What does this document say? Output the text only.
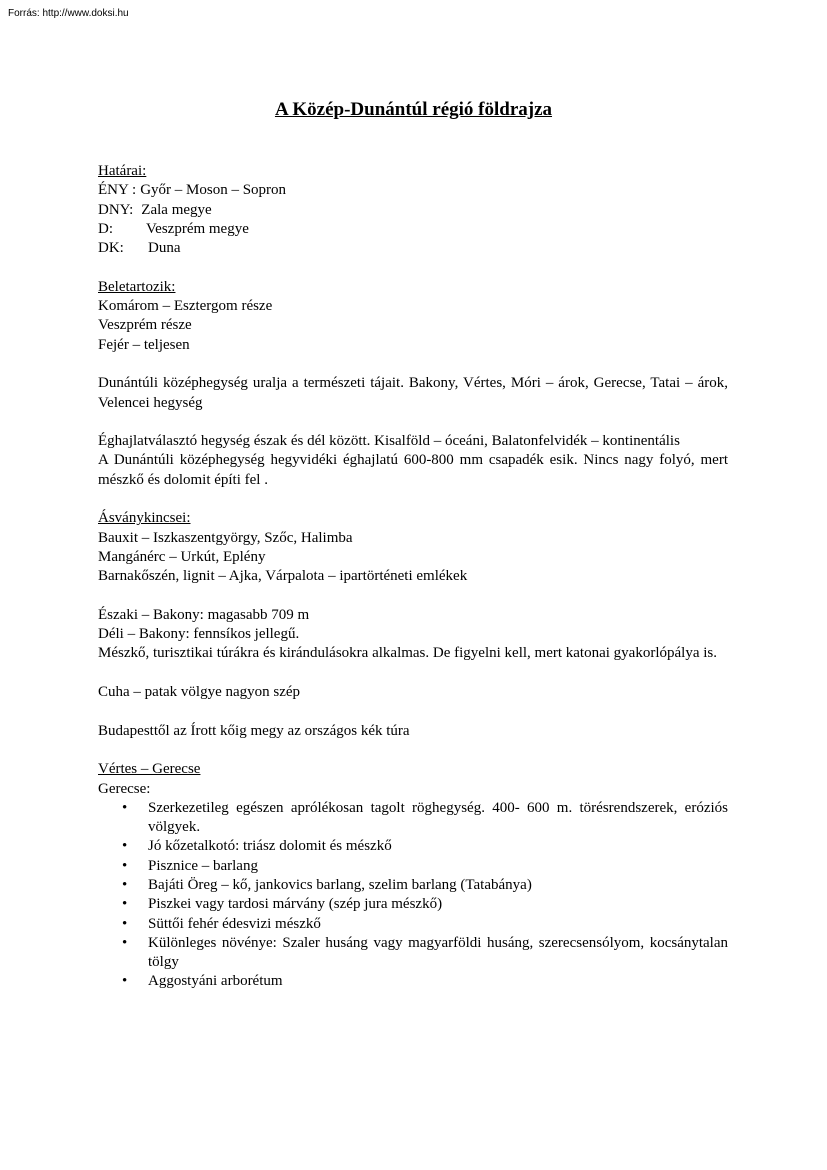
Forrás: http://www.doksi.hu
A Közép-Dunántúl régió földrajza
Határai:
ÉNY : Győr – Moson – Sopron
DNY: Zala megye
D:	Veszprém megye
DK:	Duna
Beletartozik:
Komárom – Esztergom része
Veszprém része
Fejér – teljesen
Dunántúli középhegység uralja a természeti tájait. Bakony, Vértes, Móri – árok, Gerecse, Tatai – árok, Velencei hegység
Éghajlatválasztó hegység észak és dél között. Kisalföld – óceáni, Balatonfelvidék – kontinentális
A Dunántúli középhegység hegyvidéki éghajlatú 600-800 mm csapadék esik. Nincs nagy folyó, mert mészkő és dolomit építi fel .
Ásványkincsei:
Bauxit – Iszkaszentgyörgy, Szőc, Halimba
Mangánérc – Urkút, Eplény
Barnakőszén, lignit – Ajka, Várpalota – ipartörténeti emlékek
Északi – Bakony: magasabb 709 m
Déli – Bakony: fennsíkos jellegű.
Mészkő, turisztikai túrákra és kirándulásokra alkalmas. De figyelni kell, mert katonai gyakorlópálya is.
Cuha – patak völgye nagyon szép
Budapesttől az Írott kőig megy az országos kék túra
Vértes – Gerecse
Gerecse:
• Szerkezetileg egészen aprólékosan tagolt röghegység. 400- 600 m. törésrendszerek, eróziós völgyek.
• Jó kőzetalkotó: triász dolomit és mészkő
• Pisznice – barlang
• Bajáti Öreg – kő, jankovics barlang, szelim barlang (Tatabánya)
• Piszkei vagy tardosi márvány (szép jura mészkő)
• Süttői fehér édesvizi mészkő
• Különleges növénye: Szaler husáng vagy magyarföldi husáng, szerecsensólyom, kocsánytalan tölgy
• Aggostyáni arborétum
